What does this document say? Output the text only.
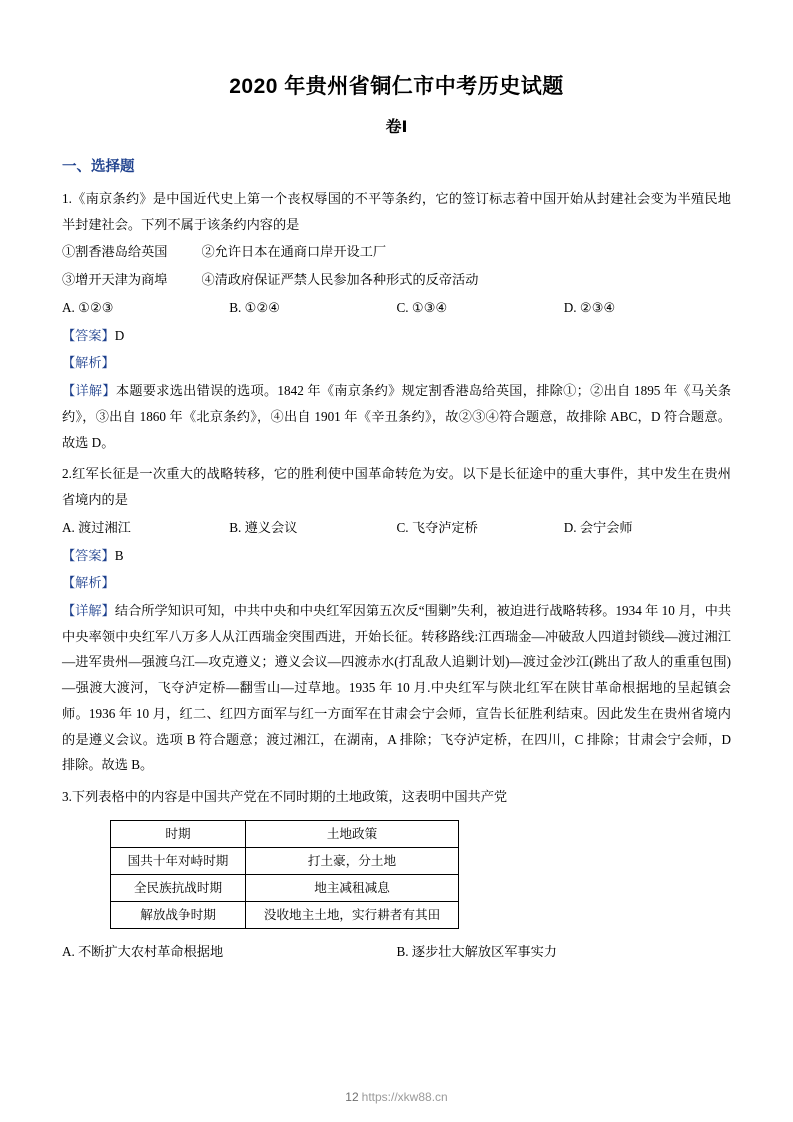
2020 年贵州省铜仁市中考历史试题
卷Ⅰ
一、选择题

1.《南京条约》是中国近代史上第一个丧权辱国的不平等条约，它的签订标志着中国开始从封建社会变为半殖民地半封建社会。下列不属于该条约内容的是

①割香港岛给英国	②允许日本在通商口岸开设工厂
③增开天津为商埠	④清政府保证严禁人民参加各种形式的反帝活动
A. ①②③	B. ①②④	C. ①③④	D. ②③④

【答案】D

【解析】

【详解】本题要求选出错误的选项。1842 年《南京条约》规定割香港岛给英国，排除①；②出自 1895 年《马关条约》，③出自 1860 年《北京条约》，④出自 1901 年《辛丑条约》，故②③④符合题意，故排除 ABC，D 符合题意。故选 D。

2.红军长征是一次重大的战略转移，它的胜利使中国革命转危为安。以下是长征途中的重大事件，其中发生在贵州省境内的是

A. 渡过湘江	B. 遵义会议	C. 飞夺泸定桥	D. 会宁会师

【答案】B

【解析】

【详解】结合所学知识可知，中共中央和中央红军因第五次反“围剿”失利，被迫进行战略转移。1934 年 10 月，中共中央率领中央红军八万多人从江西瑞金突围西进，开始长征。转移路线:江西瑞金—冲破敌人四道封锁线—渡过湘江—进军贵州—强渡乌江—攻克遵义；遵义会议—四渡赤水(打乱敌人追剿计划)—渡过金沙江(跳出了敌人的重重包围)—强渡大渡河，飞夺泸定桥—翻雪山—过草地。1935 年 10 月.中央红军与陕北红军在陕甘革命根据地的呈起镇会师。1936 年 10 月，红二、红四方面军与红一方面军在甘肃会宁会师，宣告长征胜利结束。因此发生在贵州省境内的是遵义会议。选项 B 符合题意；渡过湘江，在湖南，A 排除；飞夺泸定桥，在四川，C 排除；甘肃会宁会师，D 排除。故选 B。

3.下列表格中的内容是中国共产党在不同时期的土地政策，这表明中国共产党

时期	土地政策
国共十年对峙时期	打土豪，分土地
全民族抗战时期	地主减租减息
解放战争时期	没收地主土地，实行耕者有其田
A. 不断扩大农村革命根据地	B. 逐步壮大解放区军事实力
12 https://xkw88.cn
